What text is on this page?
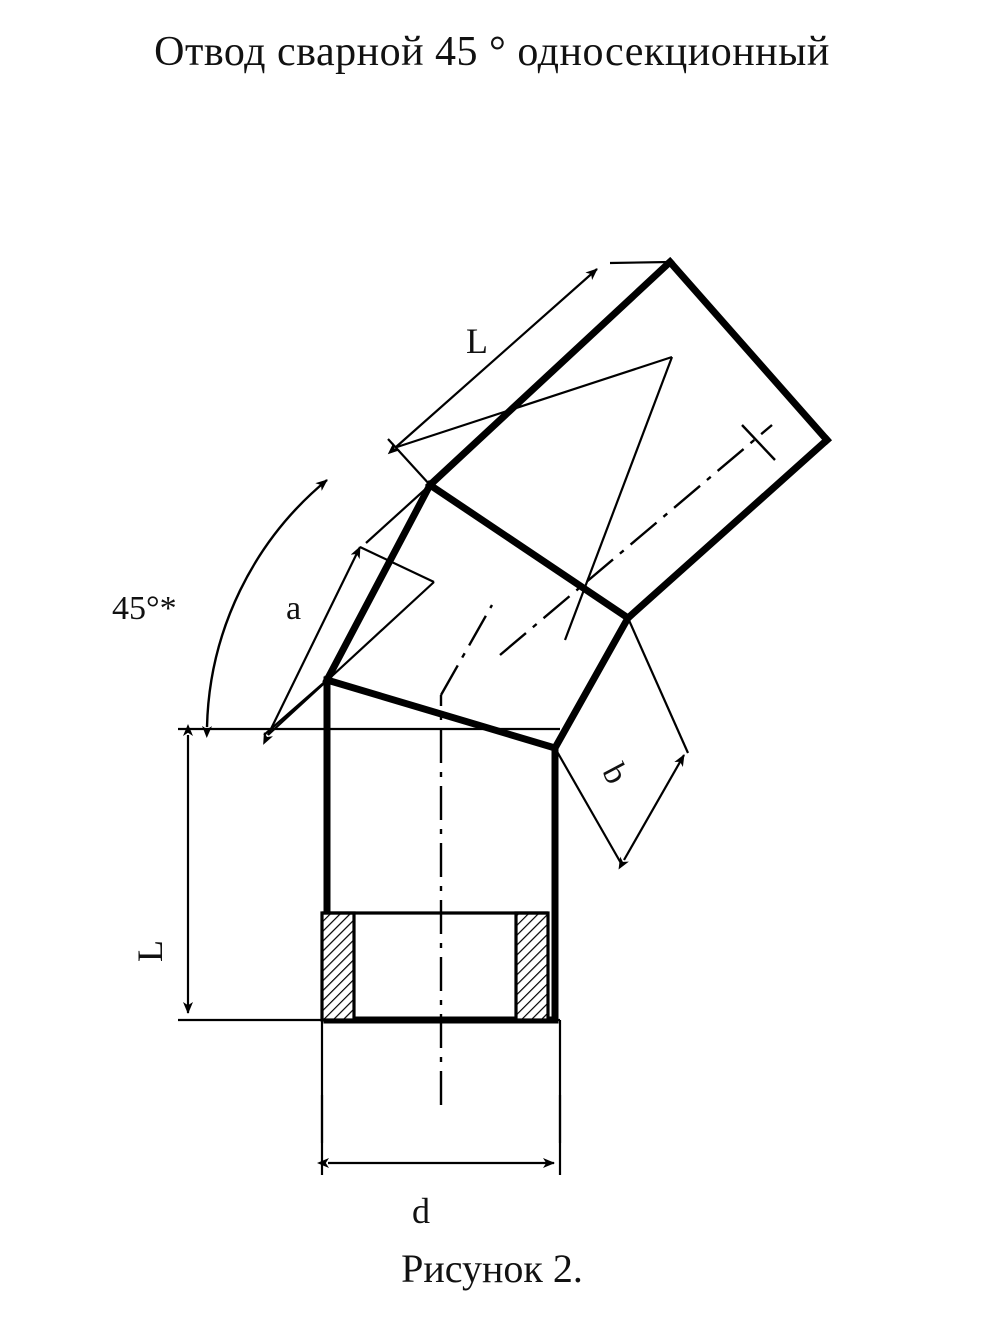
Отвод сварной 45 ° односекционный
45°*
L
a
b
L
d
Рисунок 2.
